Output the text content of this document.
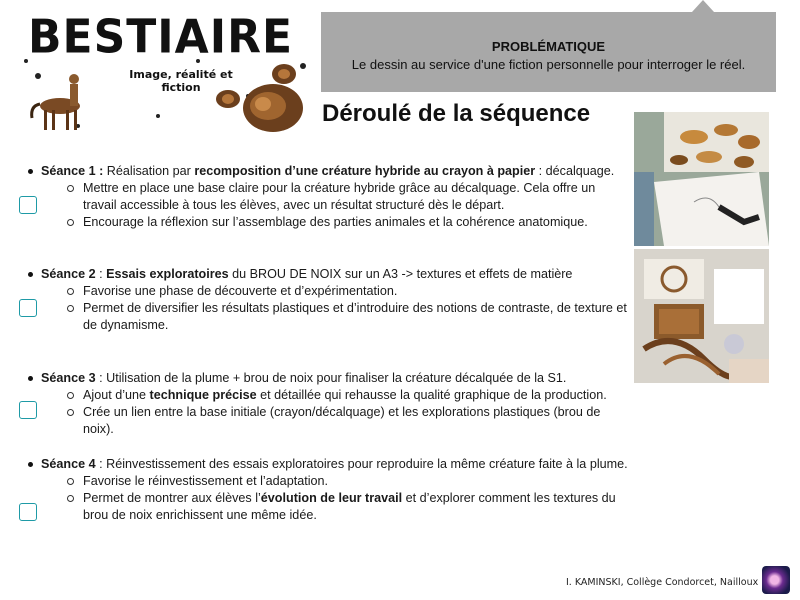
BESTIAIRE
Image, réalité et
fiction
PROBLÉMATIQUE
Le dessin au service d'une fiction personnelle pour interroger le réel.
Déroulé de la séquence
Séance 1 : Réalisation par recomposition d’une créature hybride au crayon à papier : décalquage.
Mettre en place une base claire pour la créature hybride grâce au décalquage. Cela offre un travail accessible à tous les élèves, avec un résultat structuré dès le départ.
Encourage la réflexion sur l’assemblage des parties animales et la cohérence anatomique.
Séance 2 : Essais exploratoires du BROU DE NOIX sur un A3 -> textures et effets de matière
Favorise une phase de découverte et d’expérimentation.
Permet de diversifier les résultats plastiques et d’introduire des notions de contraste, de texture et de dynamisme.
Séance 3 : Utilisation de la plume + brou de noix pour finaliser la créature décalquée de la S1.
Ajout d’une technique précise et détaillée qui rehausse la qualité graphique de la production.
Crée un lien entre la base initiale (crayon/décalquage) et les explorations plastiques (brou de noix).
Séance 4 : Réinvestissement des essais exploratoires pour reproduire la même créature faite à la plume.
Favorise le réinvestissement et l’adaptation.
Permet de montrer aux élèves l’évolution de leur travail et d’explorer comment les textures du brou de noix enrichissent une même idée.
I. KAMINSKI, Collège Condorcet, Nailloux
